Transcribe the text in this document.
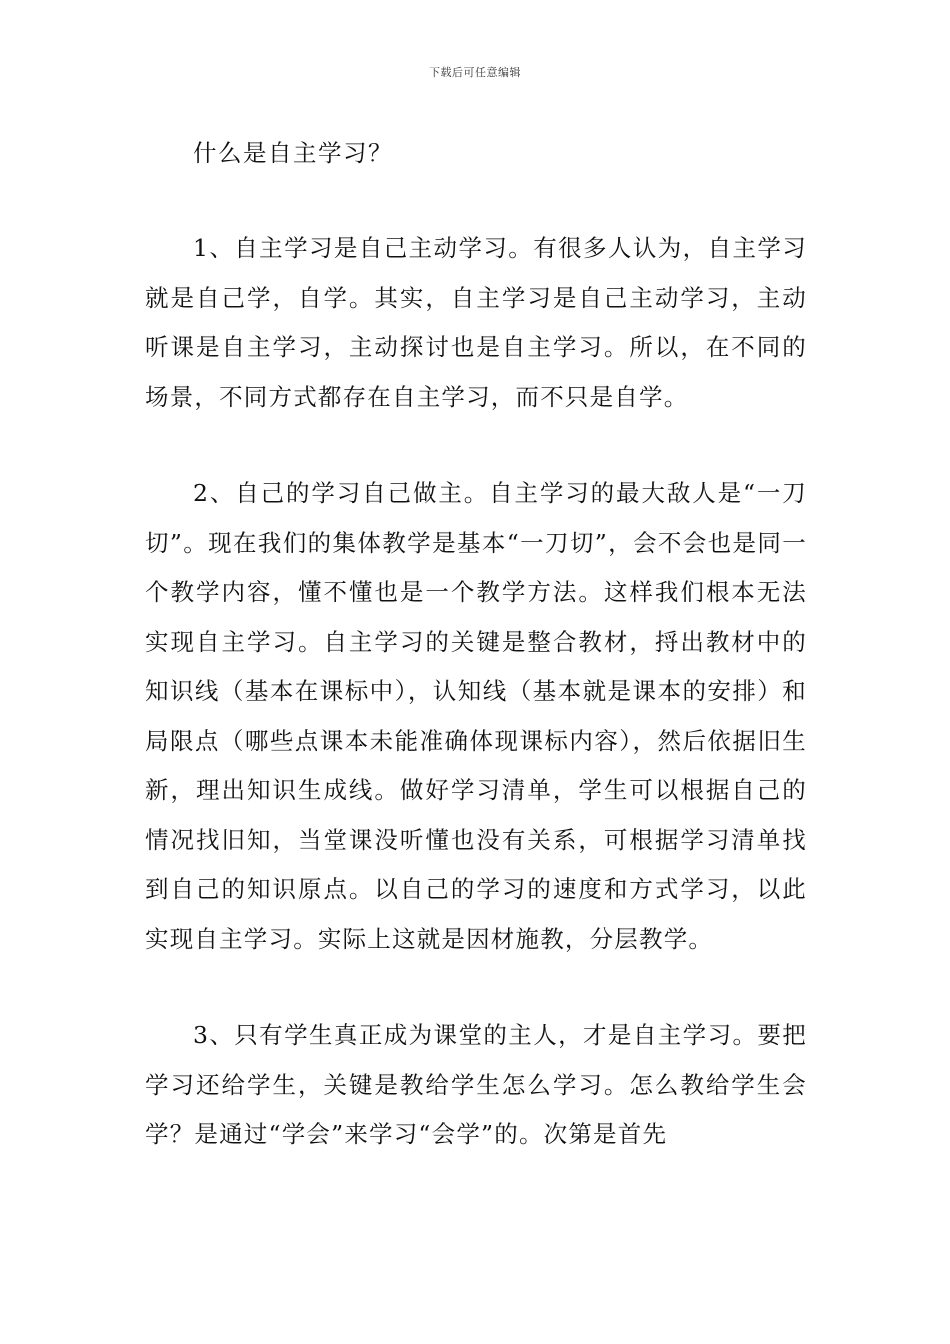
下载后可任意编辑
什么是自主学习？

1、自主学习是自己主动学习。有很多人认为，自主学习就是自己学，自学。其实，自主学习是自己主动学习，主动听课是自主学习，主动探讨也是自主学习。所以，在不同的场景，不同方式都存在自主学习，而不只是自学。

2、自己的学习自己做主。自主学习的最大敌人是“一刀切”。现在我们的集体教学是基本“一刀切”，会不会也是同一个教学内容，懂不懂也是一个教学方法。这样我们根本无法实现自主学习。自主学习的关键是整合教材，捋出教材中的知识线（基本在课标中），认知线（基本就是课本的安排）和局限点（哪些点课本未能准确体现课标内容），然后依据旧生新，理出知识生成线。做好学习清单，学生可以根据自己的情况找旧知，当堂课没听懂也没有关系，可根据学习清单找到自己的知识原点。以自己的学习的速度和方式学习，以此实现自主学习。实际上这就是因材施教，分层教学。

3、只有学生真正成为课堂的主人，才是自主学习。要把学习还给学生，关键是教给学生怎么学习。怎么教给学生会学？是通过“学会”来学习“会学”的。次第是首先
